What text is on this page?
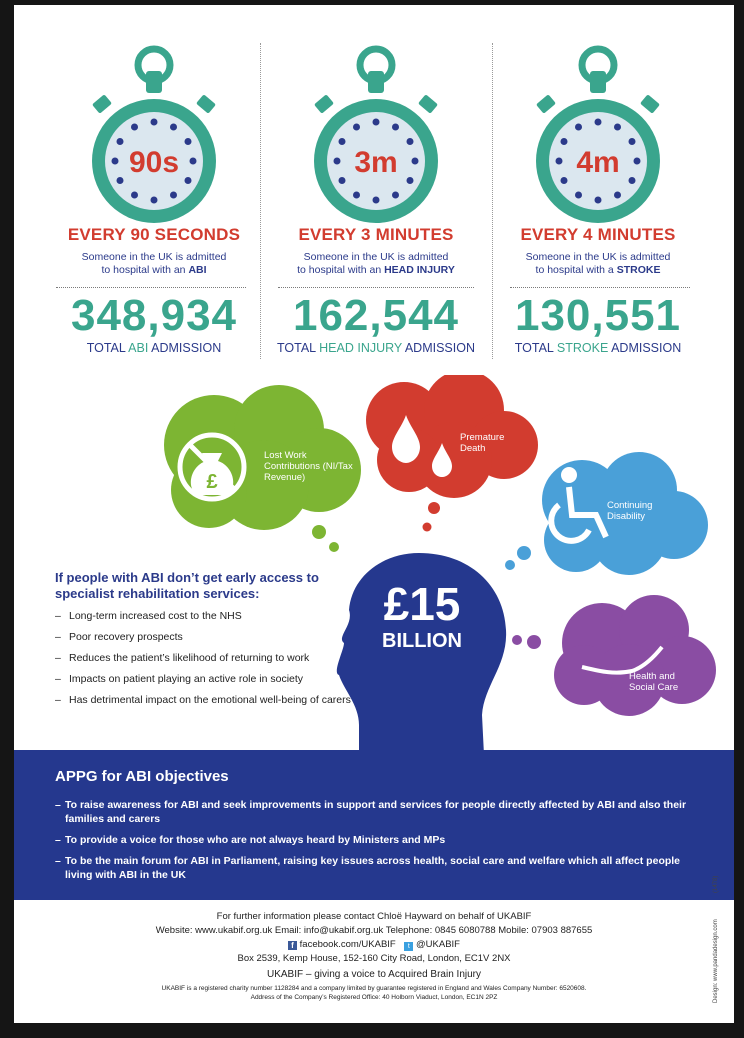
90s
EVERY 90 SECONDS
Someone in the UK is admitted
to hospital with an ABI
348,934
TOTAL ABI ADMISSION
3m
EVERY 3 MINUTES
Someone in the UK is admitted
to hospital with an HEAD INJURY
162,544
TOTAL HEAD INJURY ADMISSION
4m
EVERY 4 MINUTES
Someone in the UK is admitted
to hospital with a STROKE
130,551
TOTAL STROKE ADMISSION
£
£15
BILLION
Lost Work Contributions (NI/Tax Revenue)
Premature Death
Continuing Disability
Health and Social Care
If people with ABI don’t get early access to specialist rehabilitation services:
– Long-term increased cost to the NHS
– Poor recovery prospects
– Reduces the patient’s likelihood of returning to work
– Impacts on patient playing an active role in society
– Has detrimental impact on the emotional well-being of carers
APPG for ABI objectives
– To raise awareness for ABI and seek improvements in support and services for people directly affected by ABI and also their families and carers
– To provide a voice for those who are not always heard by Ministers and MPs
– To be the main forum for ABI in Parliament, raising key issues across health, social care and welfare which all affect people living with ABI in the UK
For further information please contact Chloë Hayward on behalf of UKABIF
Website: www.ukabif.org.uk Email: info@ukabif.org.uk Telephone: 0845 6080788 Mobile: 07903 887655
f facebook.com/UKABIF t @UKABIF
Box 2539, Kemp House, 152-160 City Road, London, EC1V 2NX
UKABIF – giving a voice to Acquired Brain Injury
UKABIF is a registered charity number 1128284 and a company limited by guarantee registered in England and Wales Company Number: 6520608.
Address of the Company’s Registered Office: 40 Holborn Viaduct, London, EC1N 2PZ	Design: www.pandadesign.com
(1478)
